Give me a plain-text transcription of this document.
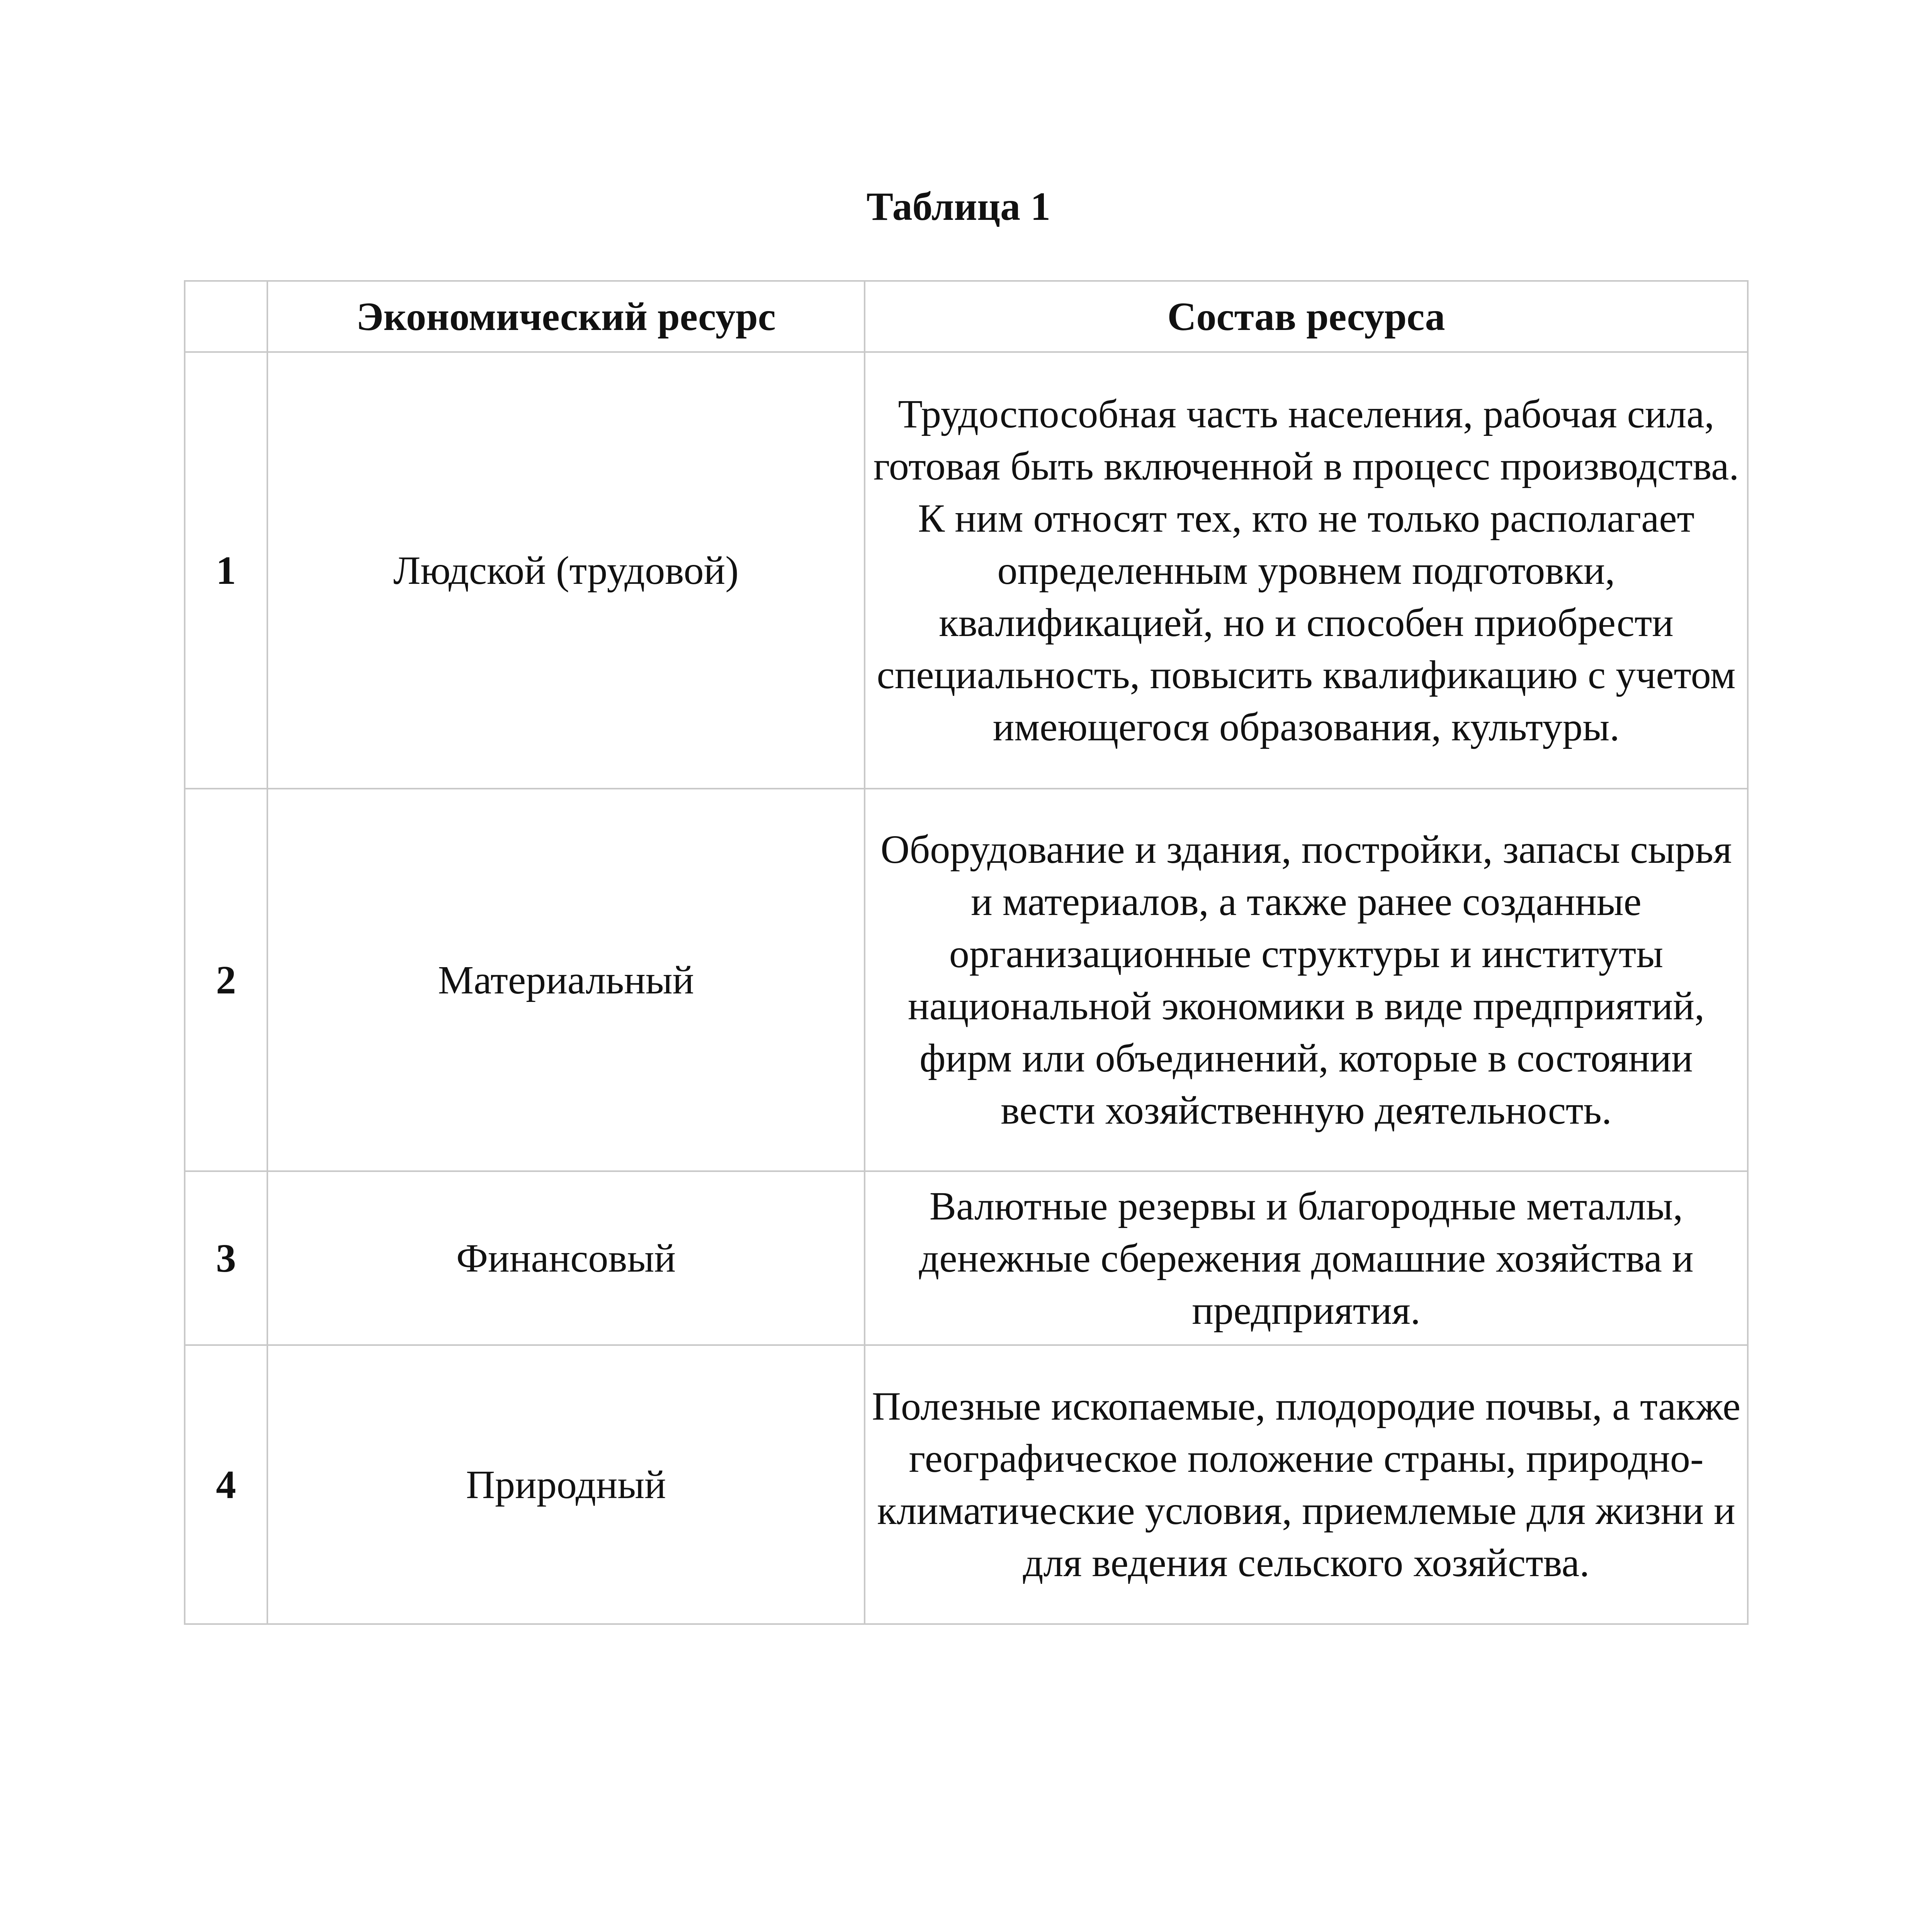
Таблица 1
	Экономический ресурс	Состав ресурса
1	Людской (трудовой)	Трудоспособная часть населения, рабочая сила, готовая быть включенной в процесс производства. К ним относят тех, кто не только располагает определенным уровнем подготовки, квалификацией, но и способен приобрести специальность, повысить квалификацию с учетом имеющегося образования, культуры.
2	Материальный	Оборудование и здания, постройки, запасы сырья и материалов, а также ранее созданные организационные структуры и институты национальной экономики в виде предприятий, фирм или объединений, которые в состоянии вести хозяйственную деятельность.
3	Финансовый	Валютные резервы и благородные металлы, денежные сбережения домашние хозяйства и предприятия.
4	Природный	Полезные ископаемые, плодородие почвы, а также географическое положение страны, природно-климатические условия, приемлемые для жизни и для ведения сельского хозяйства.
